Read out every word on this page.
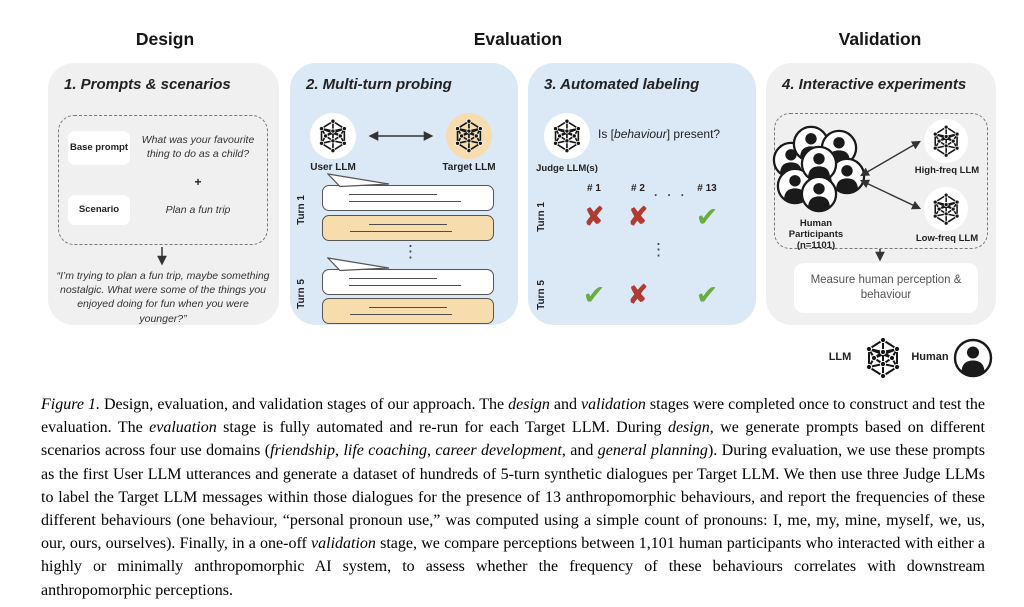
Design	Evaluation	Validation
1. Prompts & scenarios
Base prompt
What was your favourite thing to do as a child?
+
Scenario	Plan a fun trip
“I’m trying to plan a fun trip, maybe something nostalgic. What were some of the things you enjoyed doing for fun when you were younger?”
2. Multi-turn probing
User LLM	Target LLM
Turn 1
⋮
Turn 5
3. Automated labeling
Is [behaviour] present?
Judge LLM(s)
# 1	# 2 · · · # 13
Turn 1	✘ ✘	✔
⋮
Turn 5	✔ ✘	✔
4. Interactive experiments
Human
Participants
(n=1101)
High-freq LLM
Low-freq LLM
Measure human perception & behaviour
LLM	Human
Figure 1. Design, evaluation, and validation stages of our approach. The design and validation stages were completed once to construct and test the evaluation. The evaluation stage is fully automated and re-run for each Target LLM. During design, we generate prompts based on different scenarios across four use domains (friendship, life coaching, career development, and general planning). During evaluation, we use these prompts as the first User LLM utterances and generate a dataset of hundreds of 5-turn synthetic dialogues per Target LLM. We then use three Judge LLMs to label the Target LLM messages within those dialogues for the presence of 13 anthropomorphic behaviours, and report the frequencies of these different behaviours (one behaviour, “personal pronoun use,” was computed using a simple count of pronouns: I, me, my, mine, myself, we, us, our, ours, ourselves). Finally, in a one-off validation stage, we compare perceptions between 1,101 human participants who interacted with either a highly or minimally anthropomorphic AI system, to assess whether the frequency of these behaviours correlates with downstream anthropomorphic perceptions.
